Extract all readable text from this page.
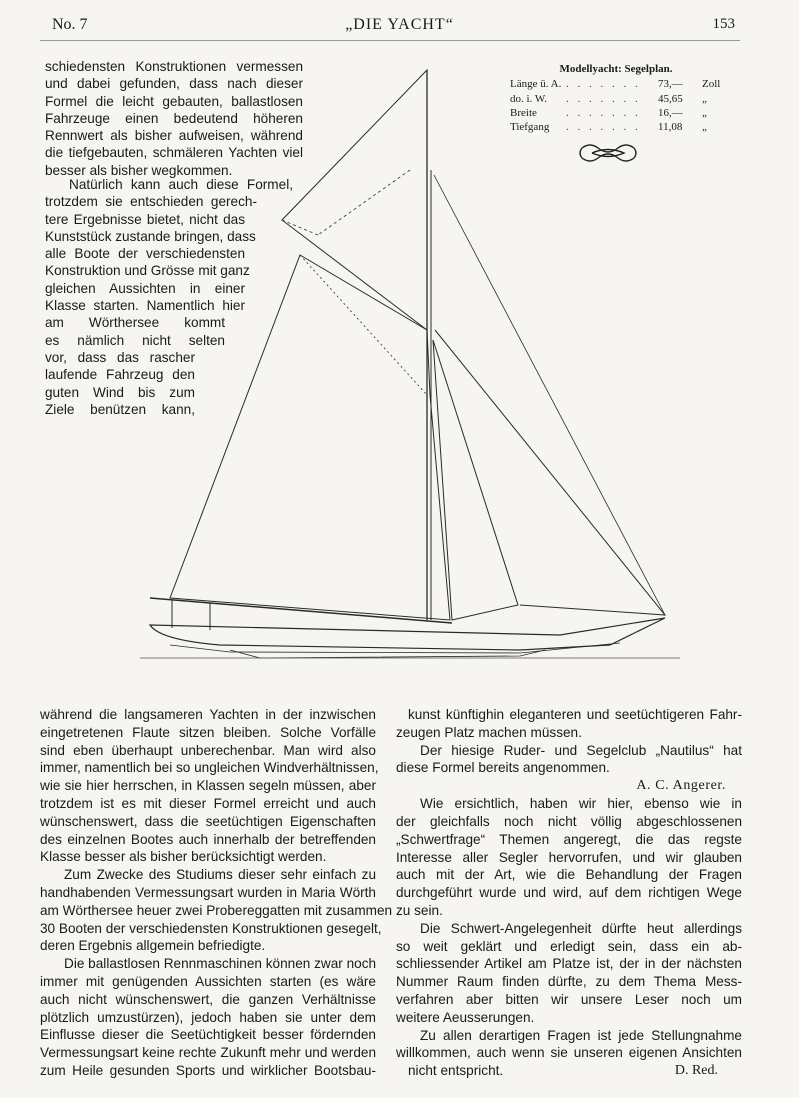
No. 7	„DIE YACHT“	153
schiedensten Konstruktionen vermessen
und dabei gefunden, dass nach dieser
Formel die leicht gebauten, ballastlosen
Fahrzeuge einen bedeutend höheren
Rennwert als bisher aufweisen, während
die tiefgebauten, schmäleren Yachten viel
besser als bisher wegkommen.
Natürlich kann auch diese Formel,
trotzdem sie entschieden gerech-
tere Ergebnisse bietet, nicht das
Kunststück zustande bringen, dass
alle Boote der verschiedensten
Konstruktion und Grösse mit ganz
gleichen Aussichten in einer
Klasse starten. Namentlich hier
am Wörthersee kommt
es nämlich nicht selten
vor, dass das rascher
laufende Fahrzeug den
guten Wind bis zum
Ziele benützen kann,
Modellyacht: Segelplan.
Länge ü. A. . . . . . . . 73,— Zoll
do. i. W. . . . . . . . 45,65 „
Breite	. . . . . . . 16,— „
Tiefgang . . . . . . . 11,08 „

während die langsameren Yachten in der inzwischen
eingetretenen Flaute sitzen bleiben. Solche Vorfälle
sind eben überhaupt unberechenbar. Man wird also
immer, namentlich bei so ungleichen Windverhältnissen,
wie sie hier herrschen, in Klassen segeln müssen, aber
trotzdem ist es mit dieser Formel erreicht und auch
wünschenswert, dass die seetüchtigen Eigenschaften
des einzelnen Bootes auch innerhalb der betreffenden
Klasse besser als bisher berücksichtigt werden.

Zum Zwecke des Studiums dieser sehr einfach zu
handhabenden Vermessungsart wurden in Maria Wörth
am Wörthersee heuer zwei Probereggatten mit zusammen
30 Booten der verschiedensten Konstruktionen gesegelt,
deren Ergebnis allgemein befriedigte.

Die ballastlosen Rennmaschinen können zwar noch
immer mit genügenden Aussichten starten (es wäre
auch nicht wünschenswert, die ganzen Verhältnisse
plötzlich umzustürzen), jedoch haben sie unter dem
Einflusse dieser die Seetüchtigkeit besser fördernden
Vermessungsart keine rechte Zukunft mehr und werden
zum Heile gesunden Sports und wirklicher Bootsbau-

kunst künftighin eleganteren und seetüchtigeren Fahr-
zeugen Platz machen müssen.

Der hiesige Ruder- und Segelclub „Nautilus“ hat
diese Formel bereits angenommen.

A. C. Angerer.

Wie ersichtlich, haben wir hier, ebenso wie in
der gleichfalls noch nicht völlig abgeschlossenen
„Schwertfrage“ Themen angeregt, die das regste
Interesse aller Segler hervorrufen, und wir glauben
auch mit der Art, wie die Behandlung der Fragen
durchgeführt wurde und wird, auf dem richtigen Wege
zu sein.

Die Schwert-Angelegenheit dürfte heut allerdings
so weit geklärt und erledigt sein, dass ein ab-
schliessender Artikel am Platze ist, der in der nächsten
Nummer Raum finden dürfte, zu dem Thema Mess-
verfahren aber bitten wir unsere Leser noch um
weitere Aeusserungen.

Zu allen derartigen Fragen ist jede Stellungnahme
willkommen, auch wenn sie unseren eigenen Ansichten

nicht entspricht.	D. Red.
